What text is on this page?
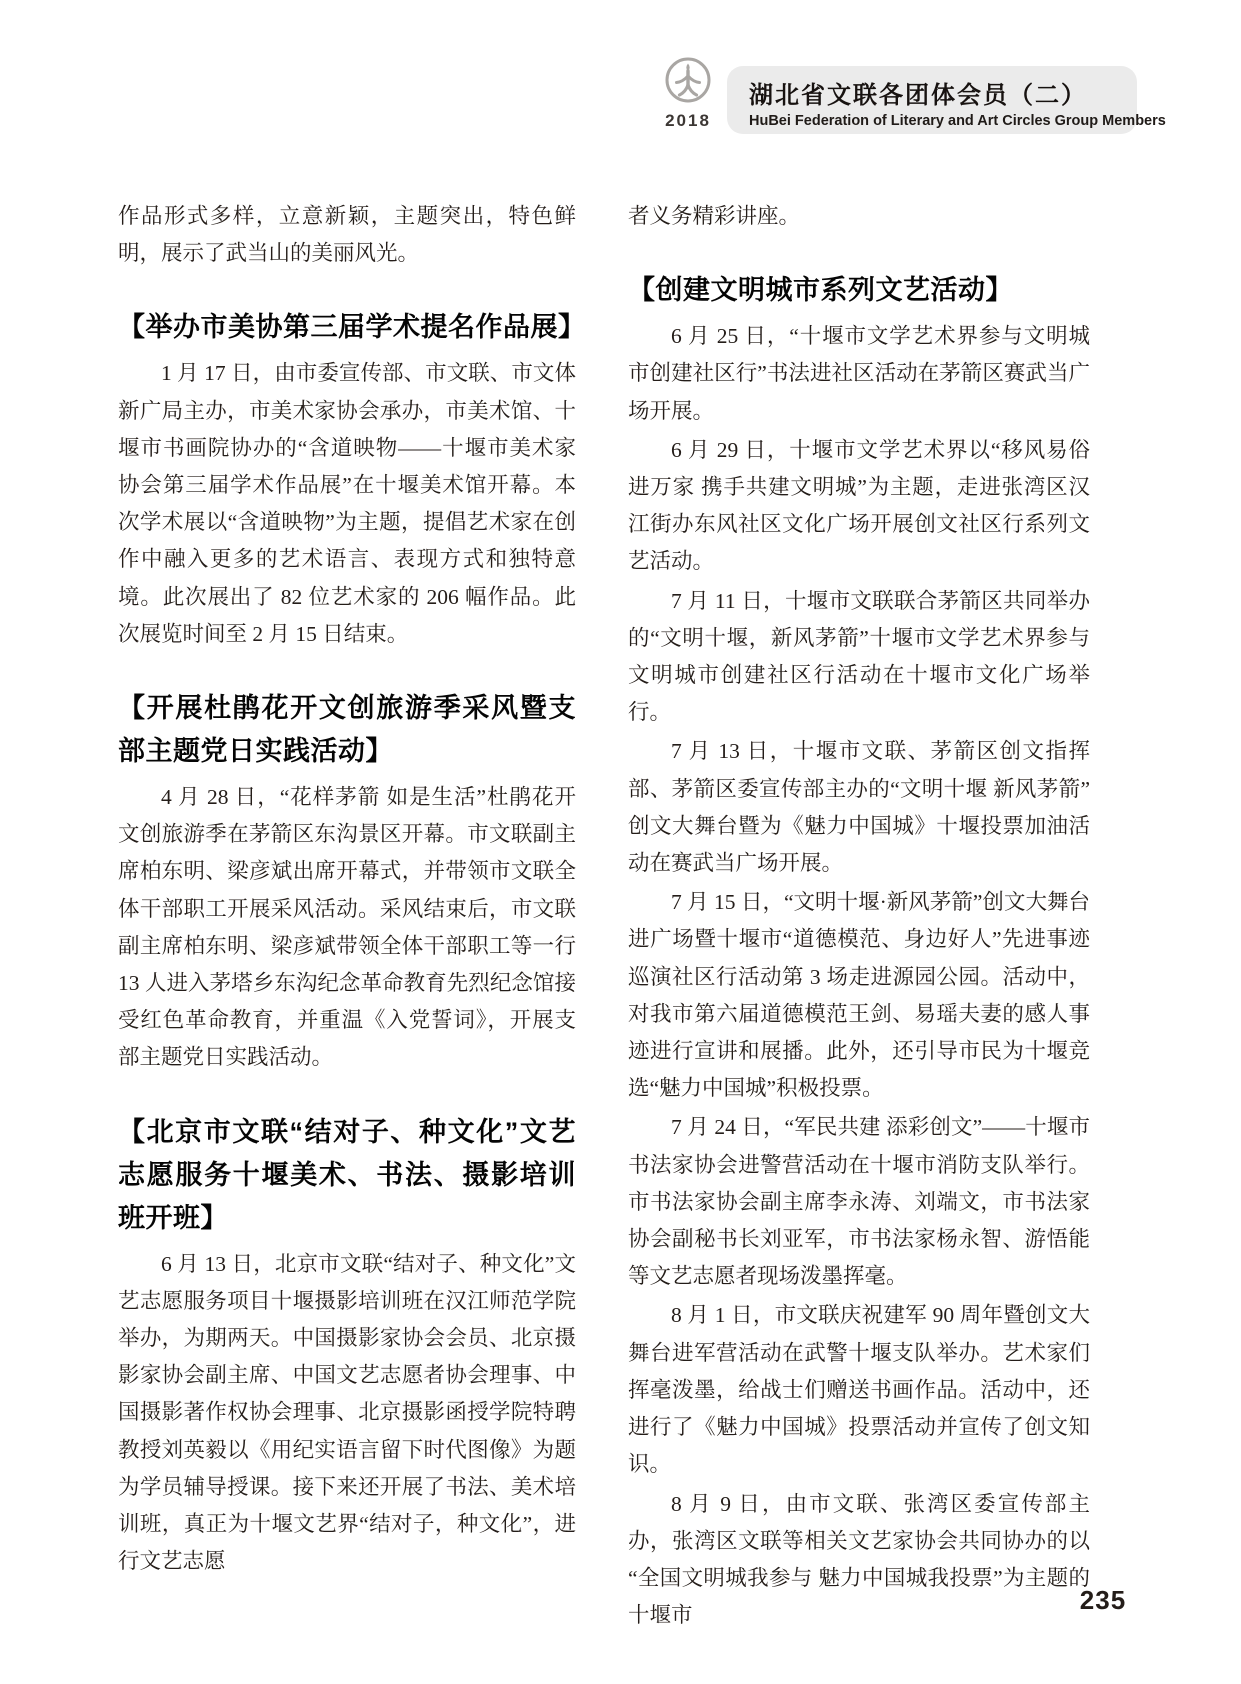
2018
湖北省文联各团体会员（二）
HuBei Federation of Literary and Art Circles Group Members

作品形式多样，立意新颖，主题突出，特色鲜明，展示了武当山的美丽风光。

【举办市美协第三届学术提名作品展】

1 月 17 日，由市委宣传部、市文联、市文体新广局主办，市美术家协会承办，市美术馆、十堰市书画院协办的“含道映物——十堰市美术家协会第三届学术作品展”在十堰美术馆开幕。本次学术展以“含道映物”为主题，提倡艺术家在创作中融入更多的艺术语言、表现方式和独特意境。此次展出了 82 位艺术家的 206 幅作品。此次展览时间至 2 月 15 日结束。

【开展杜鹃花开文创旅游季采风暨支部主题党日实践活动】

4 月 28 日，“花样茅箭 如是生活”杜鹃花开文创旅游季在茅箭区东沟景区开幕。市文联副主席柏东明、梁彦斌出席开幕式，并带领市文联全体干部职工开展采风活动。采风结束后，市文联副主席柏东明、梁彦斌带领全体干部职工等一行 13 人进入茅塔乡东沟纪念革命教育先烈纪念馆接受红色革命教育，并重温《入党誓词》，开展支部主题党日实践活动。

【北京市文联“结对子、种文化”文艺志愿服务十堰美术、书法、摄影培训班开班】

6 月 13 日，北京市文联“结对子、种文化”文艺志愿服务项目十堰摄影培训班在汉江师范学院举办，为期两天。中国摄影家协会会员、北京摄影家协会副主席、中国文艺志愿者协会理事、中国摄影著作权协会理事、北京摄影函授学院特聘教授刘英毅以《用纪实语言留下时代图像》为题为学员辅导授课。接下来还开展了书法、美术培训班，真正为十堰文艺界“结对子，种文化”，进行文艺志愿

者义务精彩讲座。

【创建文明城市系列文艺活动】

6 月 25 日，“十堰市文学艺术界参与文明城市创建社区行”书法进社区活动在茅箭区赛武当广场开展。

6 月 29 日，十堰市文学艺术界以“移风易俗进万家 携手共建文明城”为主题，走进张湾区汉江街办东风社区文化广场开展创文社区行系列文艺活动。

7 月 11 日，十堰市文联联合茅箭区共同举办的“文明十堰，新风茅箭”十堰市文学艺术界参与文明城市创建社区行活动在十堰市文化广场举行。

7 月 13 日，十堰市文联、茅箭区创文指挥部、茅箭区委宣传部主办的“文明十堰 新风茅箭”创文大舞台暨为《魅力中国城》十堰投票加油活动在赛武当广场开展。

7 月 15 日，“文明十堰·新风茅箭”创文大舞台进广场暨十堰市“道德模范、身边好人”先进事迹巡演社区行活动第 3 场走进源园公园。活动中，对我市第六届道德模范王剑、易瑶夫妻的感人事迹进行宣讲和展播。此外，还引导市民为十堰竞选“魅力中国城”积极投票。

7 月 24 日，“军民共建 添彩创文”——十堰市书法家协会进警营活动在十堰市消防支队举行。市书法家协会副主席李永涛、刘端文，市书法家协会副秘书长刘亚军，市书法家杨永智、游悟能等文艺志愿者现场泼墨挥毫。

8 月 1 日，市文联庆祝建军 90 周年暨创文大舞台进军营活动在武警十堰支队举办。艺术家们挥毫泼墨，给战士们赠送书画作品。活动中，还进行了《魅力中国城》投票活动并宣传了创文知识。

8 月 9 日，由市文联、张湾区委宣传部主办，张湾区文联等相关文艺家协会共同协办的以“全国文明城我参与 魅力中国城我投票”为主题的十堰市

235
